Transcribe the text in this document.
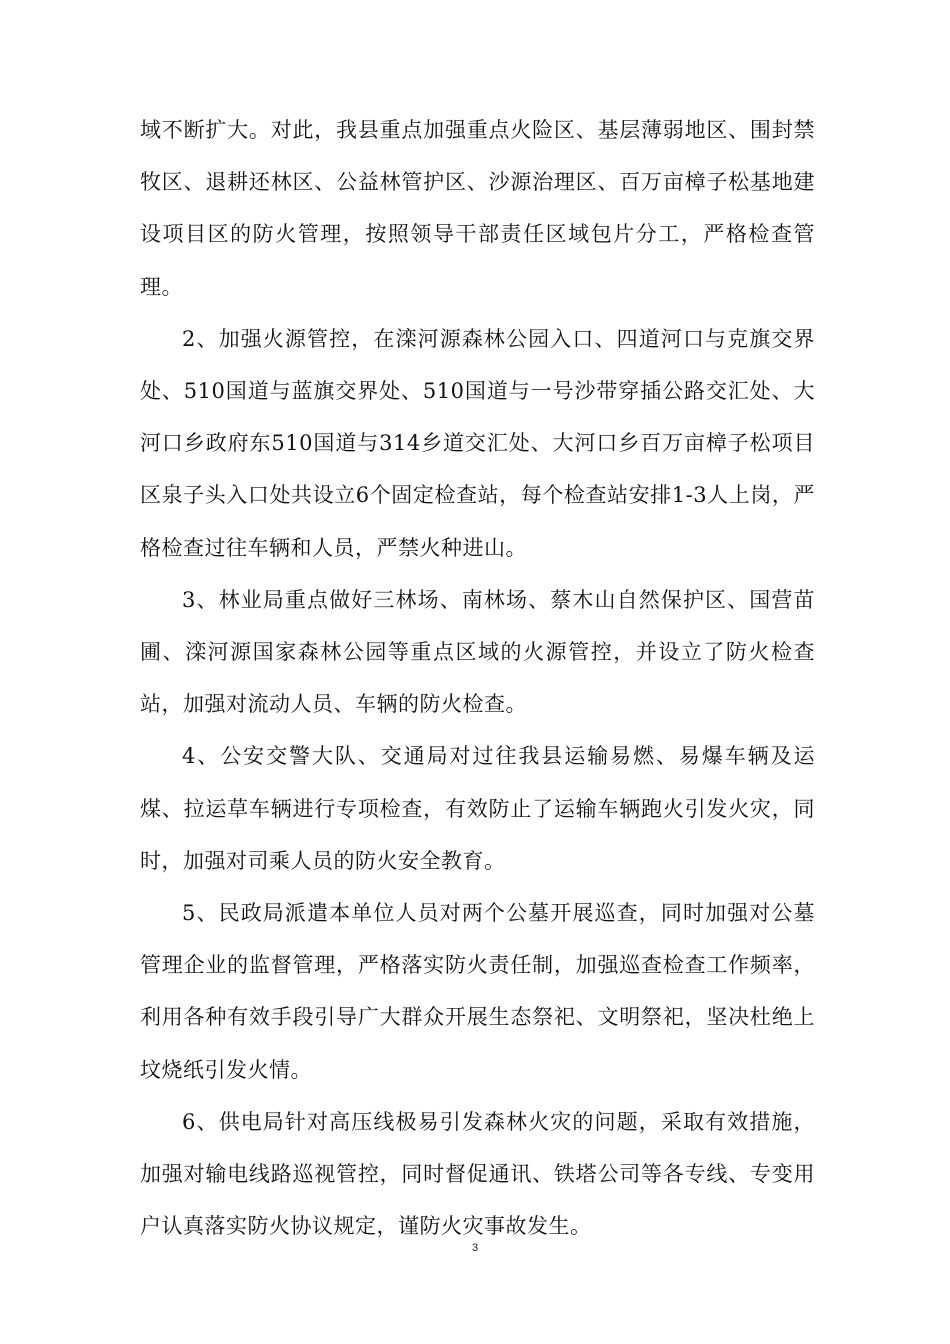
域不断扩大。对此，我县重点加强重点火险区、基层薄弱地区、围封禁牧区、退耕还林区、公益林管护区、沙源治理区、百万亩樟子松基地建设项目区的防火管理，按照领导干部责任区域包片分工，严格检查管理。

2、加强火源管控，在滦河源森林公园入口、四道河口与克旗交界处、510国道与蓝旗交界处、510国道与一号沙带穿插公路交汇处、大河口乡政府东510国道与314乡道交汇处、大河口乡百万亩樟子松项目区泉子头入口处共设立6个固定检查站，每个检查站安排1-3人上岗，严格检查过往车辆和人员，严禁火种进山。

3、林业局重点做好三林场、南林场、蔡木山自然保护区、国营苗圃、滦河源国家森林公园等重点区域的火源管控，并设立了防火检查站，加强对流动人员、车辆的防火检查。

4、公安交警大队、交通局对过往我县运输易燃、易爆车辆及运煤、拉运草车辆进行专项检查，有效防止了运输车辆跑火引发火灾，同时，加强对司乘人员的防火安全教育。

5、民政局派遣本单位人员对两个公墓开展巡查，同时加强对公墓管理企业的监督管理，严格落实防火责任制，加强巡查检查工作频率，利用各种有效手段引导广大群众开展生态祭祀、文明祭祀，坚决杜绝上坟烧纸引发火情。

6、供电局针对高压线极易引发森林火灾的问题，采取有效措施，加强对输电线路巡视管控，同时督促通讯、铁塔公司等各专线、专变用户认真落实防火协议规定，谨防火灾事故发生。

3
